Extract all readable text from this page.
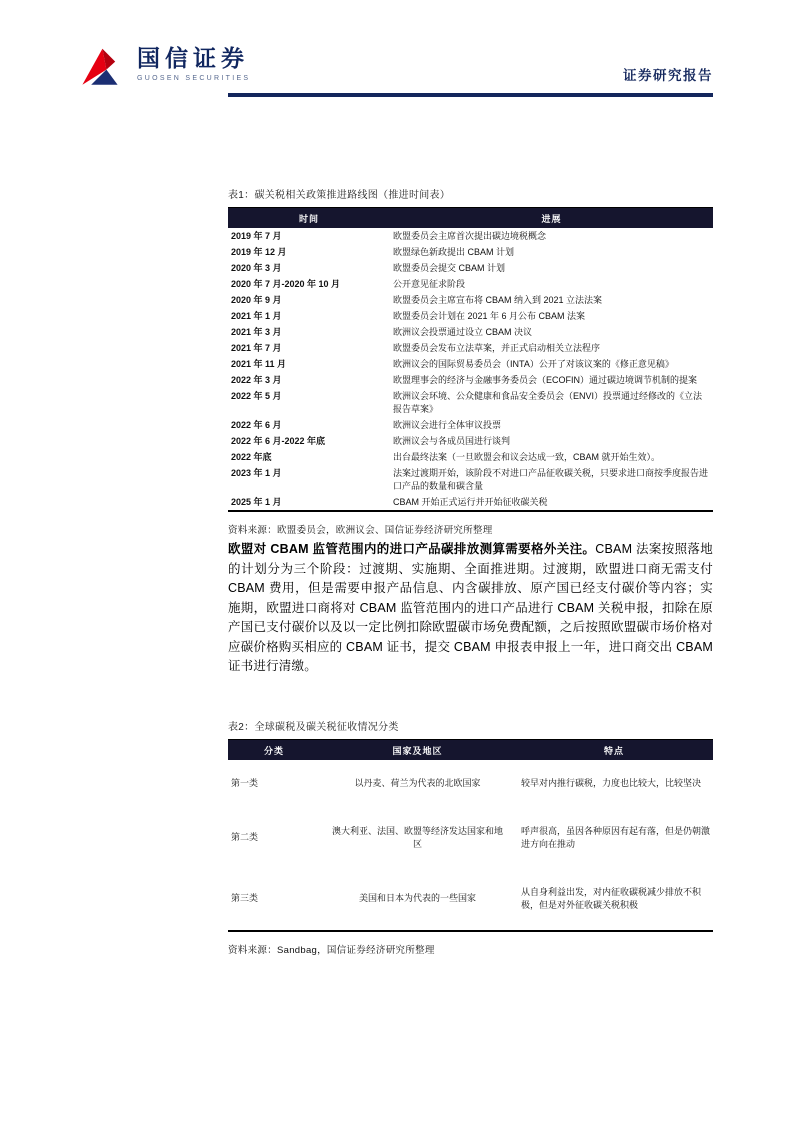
国信证券
GUOSEN SECURITIES	证券研究报告
表1：碳关税相关政策推进路线图（推进时间表）
时间	进展
2019 年 7 月	欧盟委员会主席首次提出碳边境税概念
2019 年 12 月	欧盟绿色新政提出 CBAM 计划
2020 年 3 月	欧盟委员会提交 CBAM 计划
2020 年 7 月-2020 年 10 月	公开意见征求阶段
2020 年 9 月	欧盟委员会主席宣布将 CBAM 纳入到 2021 立法法案
2021 年 1 月	欧盟委员会计划在 2021 年 6 月公布 CBAM 法案
2021 年 3 月	欧洲议会投票通过设立 CBAM 决议
2021 年 7 月	欧盟委员会发布立法草案，并正式启动相关立法程序
2021 年 11 月	欧洲议会的国际贸易委员会（INTA）公开了对该议案的《修正意见稿》
2022 年 3 月	欧盟理事会的经济与金融事务委员会（ECOFIN）通过碳边境调节机制的提案
2022 年 5 月	欧洲议会环境、公众健康和食品安全委员会（ENVI）投票通过经修改的《立法报告草案》
2022 年 6 月	欧洲议会进行全体审议投票
2022 年 6 月-2022 年底	欧洲议会与各成员国进行谈判
2022 年底	出台最终法案（一旦欧盟会和议会达成一致，CBAM 就开始生效）。
2023 年 1 月	法案过渡期开始，该阶段不对进口产品征收碳关税，只要求进口商按季度报告进口产品的数量和碳含量
2025 年 1 月	CBAM 开始正式运行并开始征收碳关税
资料来源：欧盟委员会，欧洲议会、国信证券经济研究所整理

欧盟对 CBAM 监管范围内的进口产品碳排放测算需要格外关注。CBAM 法案按照落地的计划分为三个阶段：过渡期、实施期、全面推进期。过渡期，欧盟进口商无需支付 CBAM 费用，但是需要申报产品信息、内含碳排放、原产国已经支付碳价等内容；实施期，欧盟进口商将对 CBAM 监管范围内的进口产品进行 CBAM 关税申报，扣除在原产国已支付碳价以及以一定比例扣除欧盟碳市场免费配额，之后按照欧盟碳市场价格对应碳价格购买相应的 CBAM 证书，提交 CBAM 申报表申报上一年，进口商交出 CBAM 证书进行清缴。

表2：全球碳税及碳关税征收情况分类
分类	国家及地区	特点
第一类	以丹麦、荷兰为代表的北欧国家	较早对内推行碳税，力度也比较大，比较坚决
第二类	澳大利亚、法国、欧盟等经济发达国家和地区	呼声很高，虽因各种原因有起有落，但是仍朝激进方向在推动
第三类	美国和日本为代表的一些国家	从自身利益出发，对内征收碳税减少排放不积极，但是对外征收碳关税积极
资料来源：Sandbag，国信证券经济研究所整理
